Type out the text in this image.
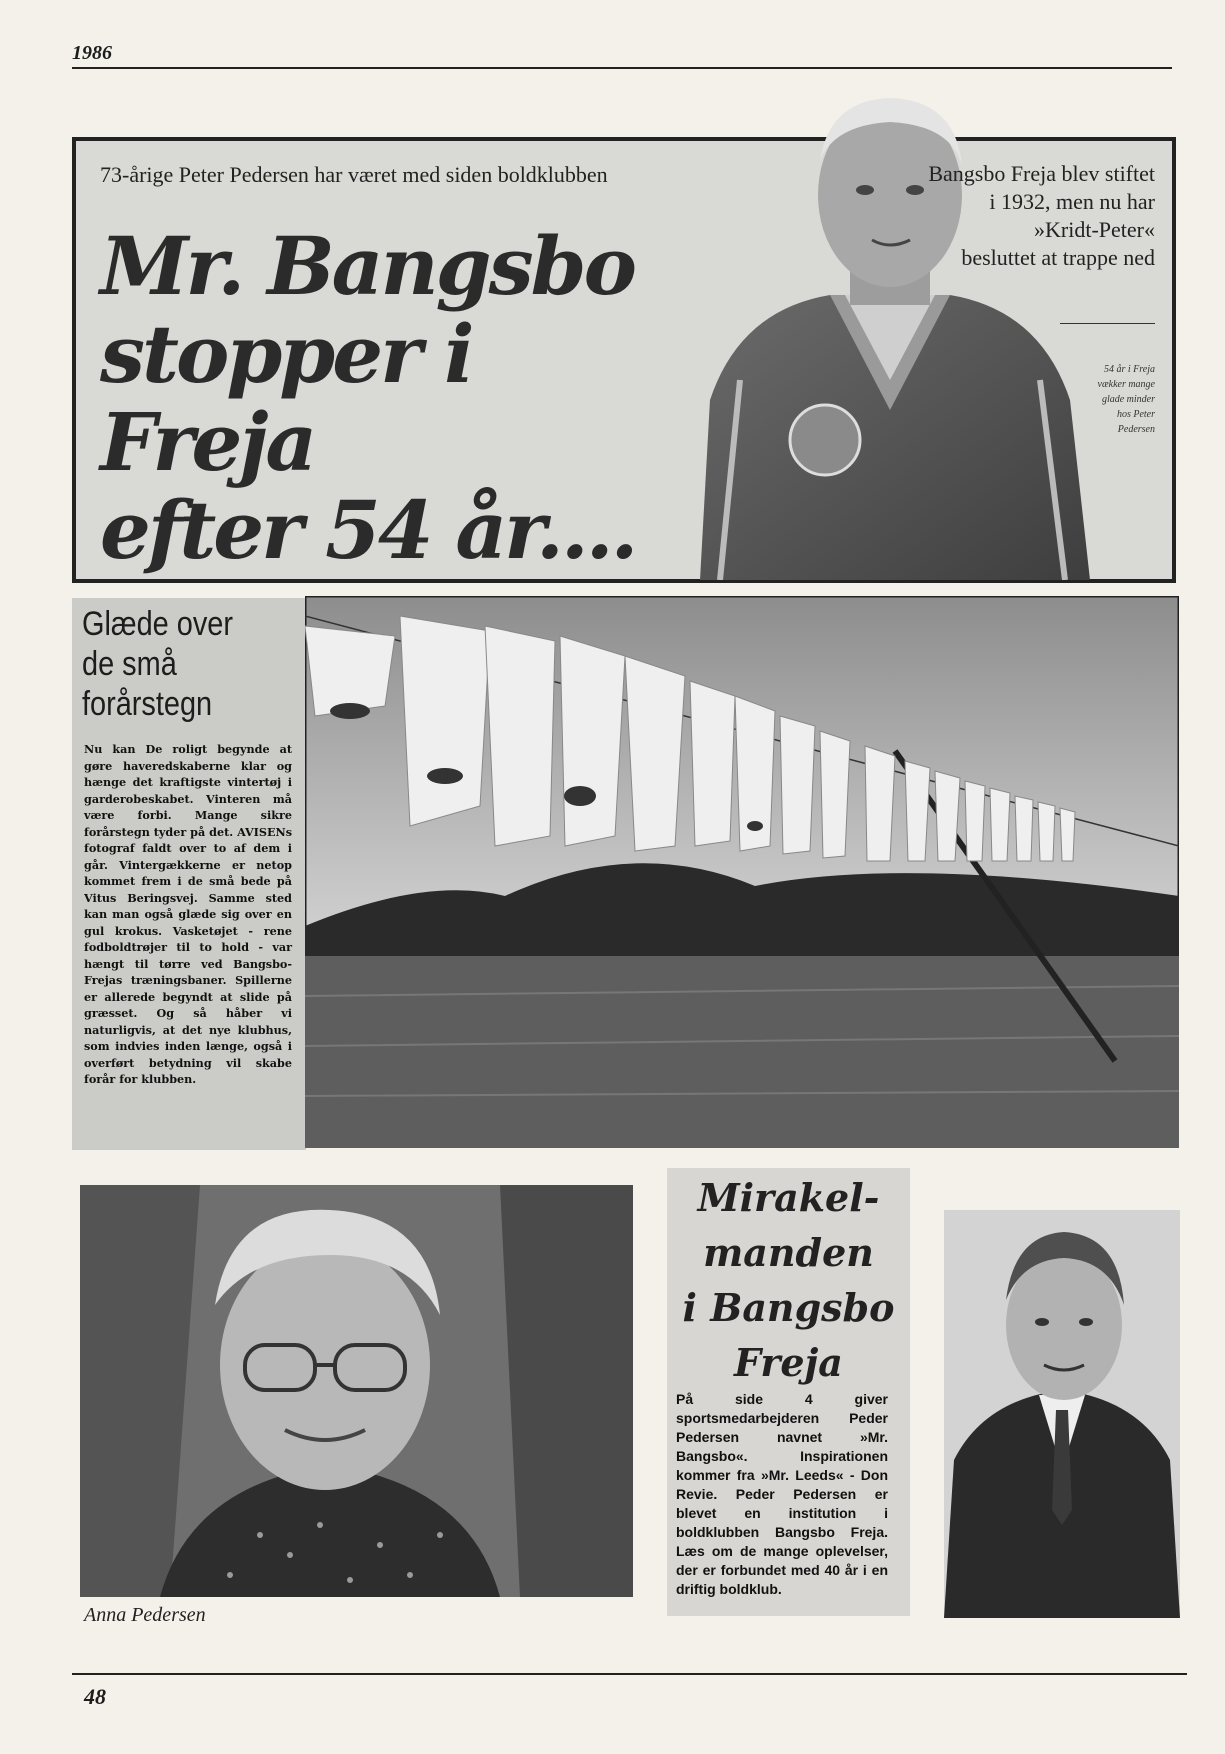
1986
73-årige Peter Pedersen har været med siden boldklubben
Mr. Bangsbo
stopper i Freja
efter 54 år....
Bangsbo Freja blev stiftet
i 1932, men nu har
»Kridt-Peter«
besluttet at trappe ned
54 år i Freja
vækker mange
glade minder
hos Peter
Pedersen
Glæde over
de små
forårstegn
Nu kan De roligt begynde at gøre haveredskaberne klar og hænge det kraftigste vintertøj i garderobeskabet. Vinteren må være forbi. Mange sikre forårstegn tyder på det. AVISENs fotograf faldt over to af dem i går. Vintergækkerne er netop kommet frem i de små bede på Vitus Beringsvej. Samme sted kan man også glæde sig over en gul krokus. Vasketøjet - rene fodboldtrøjer til to hold - var hængt til tørre ved Bangsbo-Frejas træningsbaner. Spillerne er allerede begyndt at slide på græsset. Og så håber vi naturligvis, at det nye klubhus, som indvies inden længe, også i overført betydning vil skabe forår for klubben.
Anna Pedersen
Mirakel-
manden
i Bangsbo
Freja
På side 4 giver sportsmedarbejderen Peder Pedersen navnet »Mr. Bangsbo«. Inspirationen kommer fra »Mr. Leeds« - Don Revie. Peder Pedersen er blevet en institution i boldklubben Bangsbo Freja. Læs om de mange oplevelser, der er forbundet med 40 år i en driftig boldklub.
48
